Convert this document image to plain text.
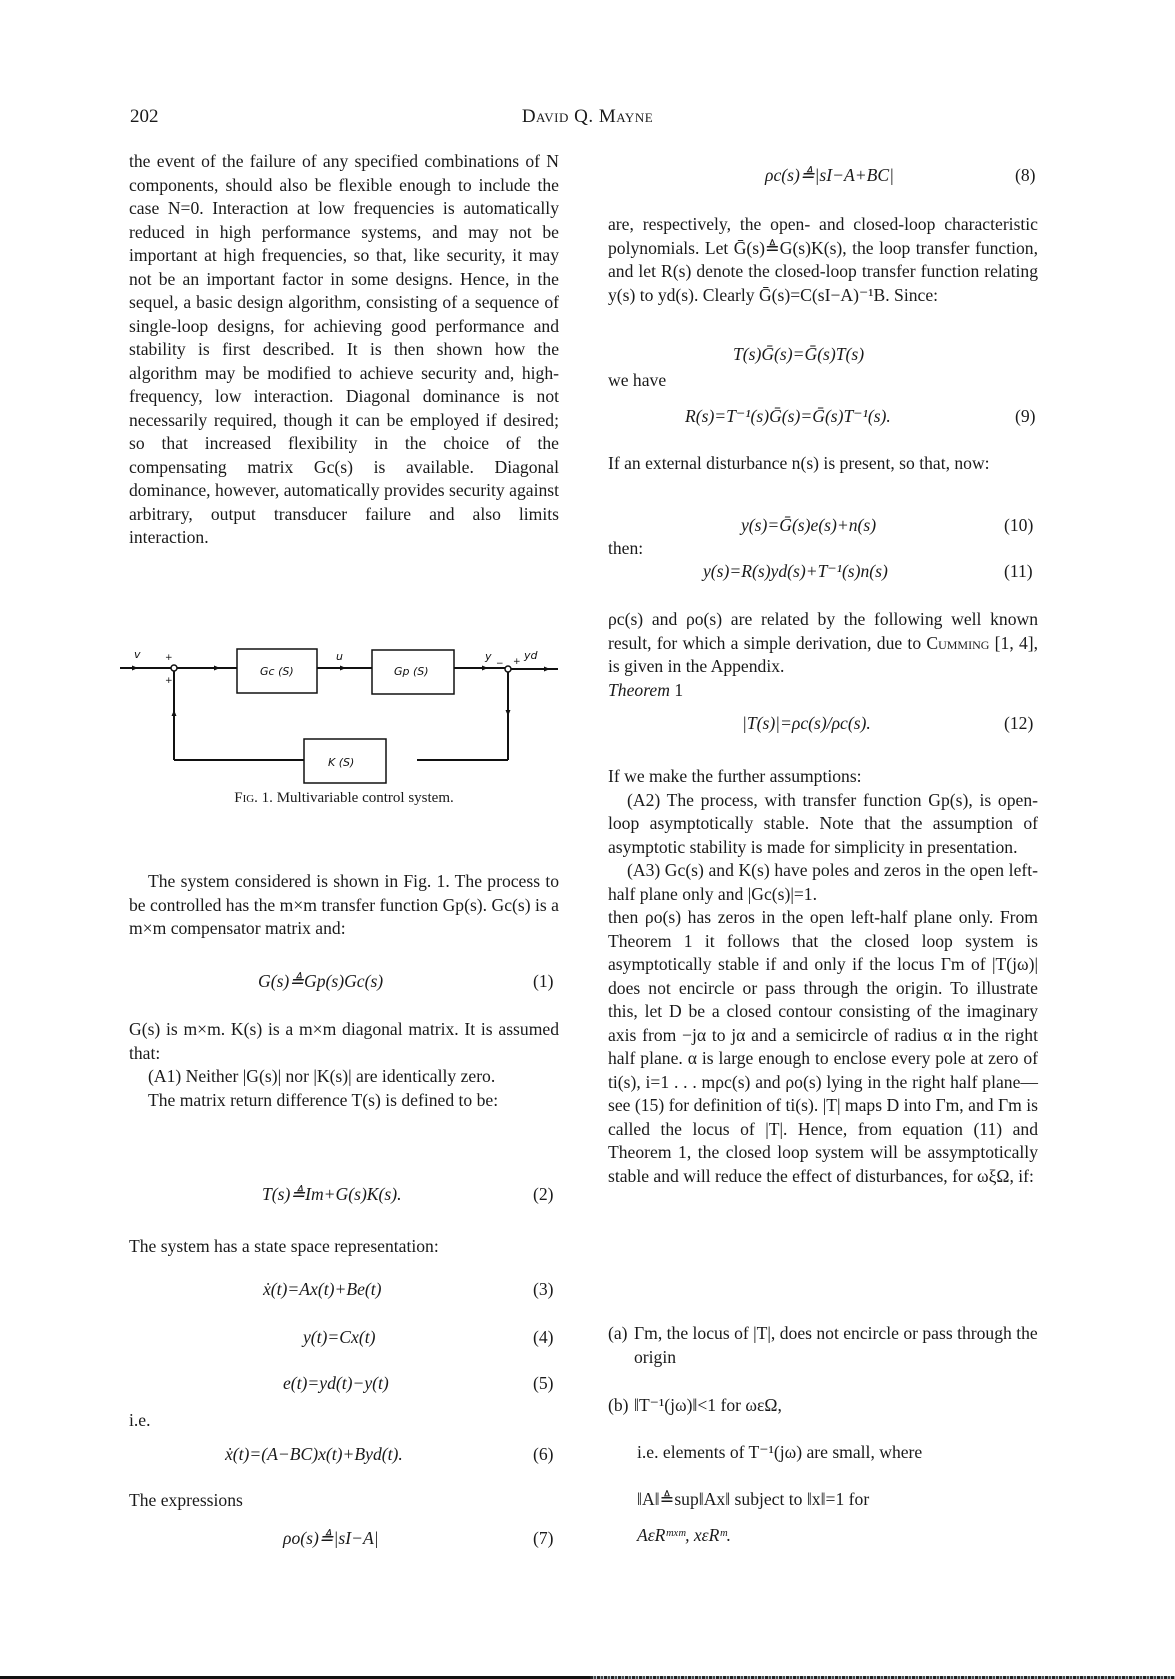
202	David Q. Mayne

the event of the failure of any specified combinations of N components, should also be flexible enough to include the case N=0. Interaction at low frequencies is automatically reduced in high performance systems, and may not be important at high frequencies, so that, like security, it may not be an important factor in some designs. Hence, in the sequel, a basic design algorithm, consisting of a sequence of single-loop designs, for achieving good performance and stability is first described. It is then shown how the algorithm may be modified to achieve security and, high-frequency, low interaction. Diagonal dominance is not necessarily required, though it can be employed if desired; so that increased flexibility in the choice of the compensating matrix Gc(s) is available. Diagonal dominance, however, automatically provides security against arbitrary, output transducer failure and also limits interaction.

v	+
+
Gc (S)
u
Gp (S)
y
− + yd
K (S)
Fig. 1. Multivariable control system.

The system considered is shown in Fig. 1. The process to be controlled has the m×m transfer function Gp(s). Gc(s) is a m×m compensator matrix and:

G(s)≜Gp(s)Gc(s)	(1)

G(s) is m×m. K(s) is a m×m diagonal matrix. It is assumed that:

(A1) Neither |G(s)| nor |K(s)| are identically zero.

The matrix return difference T(s) is defined to be:

T(s)≜Im+G(s)K(s).	(2)

The system has a state space representation:

ẋ(t)=Ax(t)+Be(t)	(3)
y(t)=Cx(t)	(4)
e(t)=yd(t)−y(t)	(5)
i.e.
ẋ(t)=(A−BC)x(t)+Byd(t).	(6)
The expressions
ρo(s)≜|sI−A|	(7)
ρc(s)≜|sI−A+BC|	(8)

are, respectively, the open- and closed-loop characteristic polynomials. Let Ḡ(s)≜G(s)K(s), the loop transfer function, and let R(s) denote the closed-loop transfer function relating y(s) to yd(s). Clearly Ḡ(s)=C(sI−A)⁻¹B. Since:

T(s)Ḡ(s)=Ḡ(s)T(s)
we have
R(s)=T⁻¹(s)Ḡ(s)=Ḡ(s)T⁻¹(s).	(9)

If an external disturbance n(s) is present, so that, now:

y(s)=Ḡ(s)e(s)+n(s)	(10)
then:
y(s)=R(s)yd(s)+T⁻¹(s)n(s)	(11)

ρc(s) and ρo(s) are related by the following well known result, for which a simple derivation, due to Cumming [1, 4], is given in the Appendix.

Theorem 1

|T(s)|=ρc(s)/ρc(s).	(12)

If we make the further assumptions:

(A2) The process, with transfer function Gp(s), is open-loop asymptotically stable. Note that the assumption of asymptotic stability is made for simplicity in presentation.

(A3) Gc(s) and K(s) have poles and zeros in the open left-half plane only and |Gc(s)|=1.

then ρo(s) has zeros in the open left-half plane only. From Theorem 1 it follows that the closed loop system is asymptotically stable if and only if the locus Γm of |T(jω)| does not encircle or pass through the origin. To illustrate this, let D be a closed contour consisting of the imaginary axis from −jα to jα and a semicircle of radius α in the right half plane. α is large enough to enclose every pole at zero of ti(s), i=1 . . . mρc(s) and ρo(s) lying in the right half plane—see (15) for definition of ti(s). |T| maps D into Γm, and Γm is called the locus of |T|. Hence, from equation (11) and Theorem 1, the closed loop system will be assymptotically stable and will reduce the effect of disturbances, for ωξΩ, if:

(a) Γm, the locus of |T|, does not encircle or pass through the origin
(b) ‖T⁻¹(jω)‖<1 for ωεΩ,
i.e. elements of T⁻¹(jω) are small, where
‖A‖≜sup‖Ax‖ subject to ‖x‖=1 for
AεRᵐˣᵐ, xεRᵐ.
